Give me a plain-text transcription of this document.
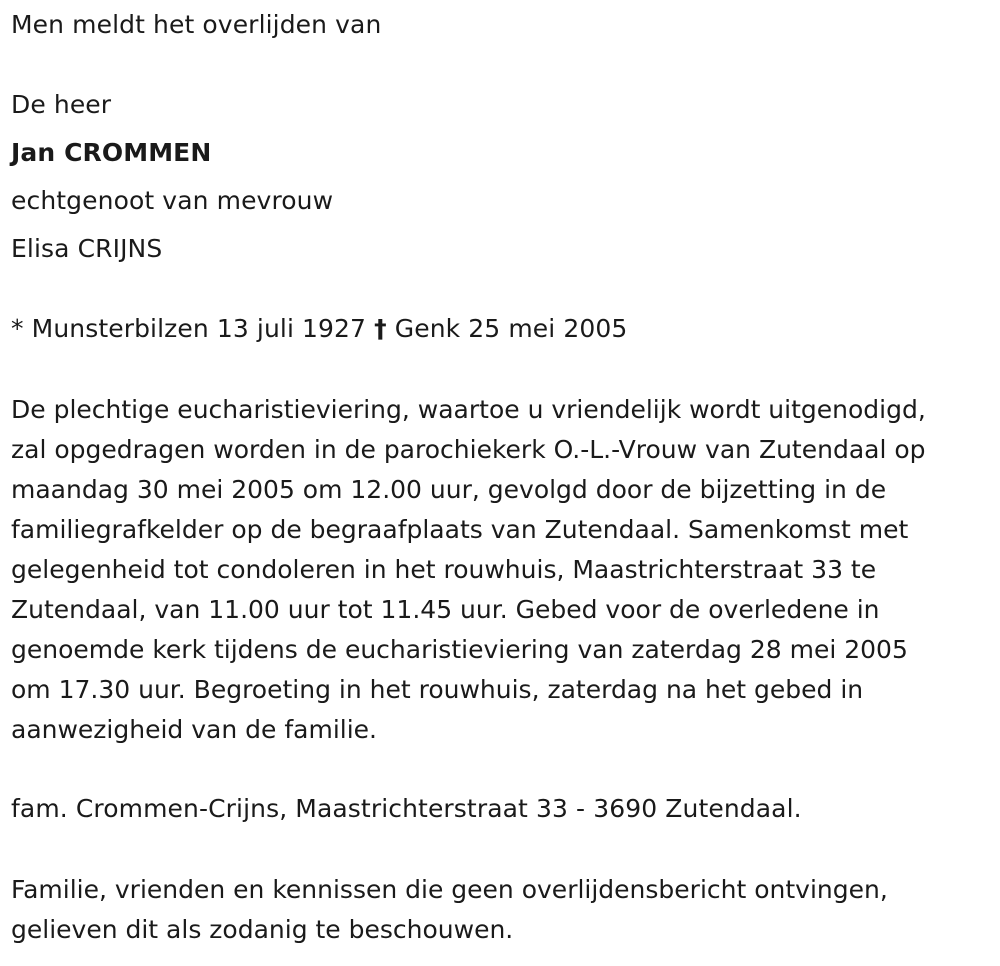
Men meldt het overlijden van
De heer
Jan CROMMEN
echtgenoot van mevrouw
Elisa CRIJNS
* Munsterbilzen 13 juli 1927 † Genk 25 mei 2005
De plechtige eucharistieviering, waartoe u vriendelijk wordt uitgenodigd,
zal opgedragen worden in de parochiekerk O.-L.-Vrouw van Zutendaal op
maandag 30 mei 2005 om 12.00 uur, gevolgd door de bijzetting in de
familiegrafkelder op de begraafplaats van Zutendaal. Samenkomst met
gelegenheid tot condoleren in het rouwhuis, Maastrichterstraat 33 te
Zutendaal, van 11.00 uur tot 11.45 uur. Gebed voor de overledene in
genoemde kerk tijdens de eucharistieviering van zaterdag 28 mei 2005
om 17.30 uur. Begroeting in het rouwhuis, zaterdag na het gebed in
aanwezigheid van de familie.
fam. Crommen-Crijns, Maastrichterstraat 33 - 3690 Zutendaal.
Familie, vrienden en kennissen die geen overlijdensbericht ontvingen,
gelieven dit als zodanig te beschouwen.
